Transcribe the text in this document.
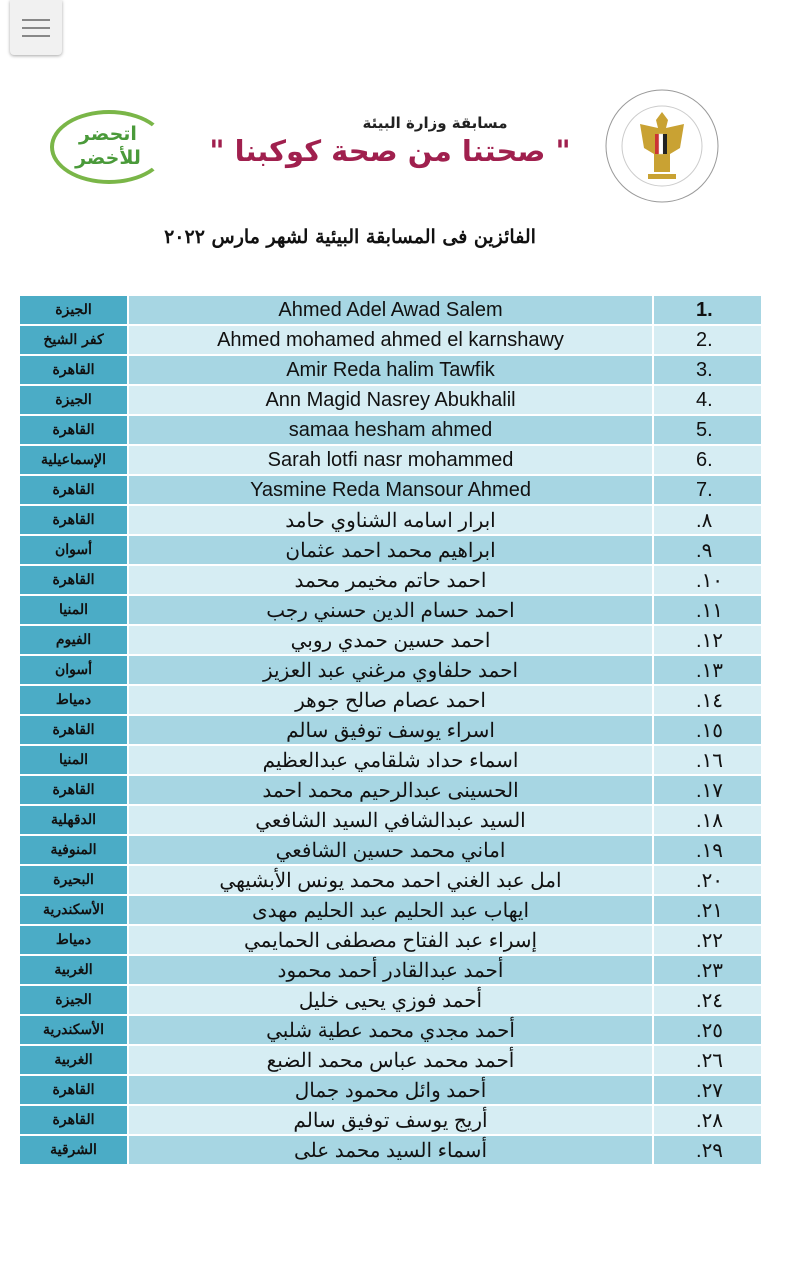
اتحضر
للأخضر
مسابقة وزارة البيئة
" صحتنا من صحة كوكبنا "
الفائزين فى المسابقة البيئية لشهر مارس ٢٠٢٢
الجيزة	Ahmed Adel Awad Salem	1.
كفر الشيخ	Ahmed mohamed ahmed el karnshawy	2.
القاهرة	Amir Reda halim Tawfik	3.
الجيزة	Ann Magid Nasrey Abukhalil	4.
القاهرة	samaa hesham ahmed	5.
الإسماعيلية	Sarah lotfi nasr mohammed	6.
القاهرة	Yasmine Reda Mansour Ahmed	7.
القاهرة	ابرار اسامه الشناوي حامد	.٨
أسوان	ابراهيم محمد احمد عثمان	.٩
القاهرة	احمد حاتم مخيمر محمد	.١٠
المنيا	احمد حسام الدين حسني رجب	.١١
الفيوم	احمد حسين حمدي روبي	.١٢
أسوان	احمد حلفاوي مرغني عبد العزيز	.١٣
دمياط	احمد عصام صالح جوهر	.١٤
القاهرة	اسراء يوسف توفيق سالم	.١٥
المنيا	اسماء حداد شلقامي عبدالعظيم	.١٦
القاهرة	الحسينى عبدالرحيم محمد احمد	.١٧
الدقهلية	السيد عبدالشافي السيد الشافعي	.١٨
المنوفية	اماني محمد حسين الشافعي	.١٩
البحيرة	امل عبد الغني احمد محمد يونس الأبشيهي	.٢٠
الأسكندرية	ايهاب عبد الحليم عبد الحليم مهدى	.٢١
دمياط	إسراء عبد الفتاح مصطفى الحمايمي	.٢٢
الغربية	أحمد عبدالقادر أحمد محمود	.٢٣
الجيزة	أحمد فوزي يحيى خليل	.٢٤
الأسكندرية	أحمد مجدي محمد عطية شلبي	.٢٥
الغربية	أحمد محمد عباس محمد الضبع	.٢٦
القاهرة	أحمد وائل محمود جمال	.٢٧
القاهرة	أريج يوسف توفيق سالم	.٢٨
الشرقية	أسماء السيد محمد على	.٢٩
